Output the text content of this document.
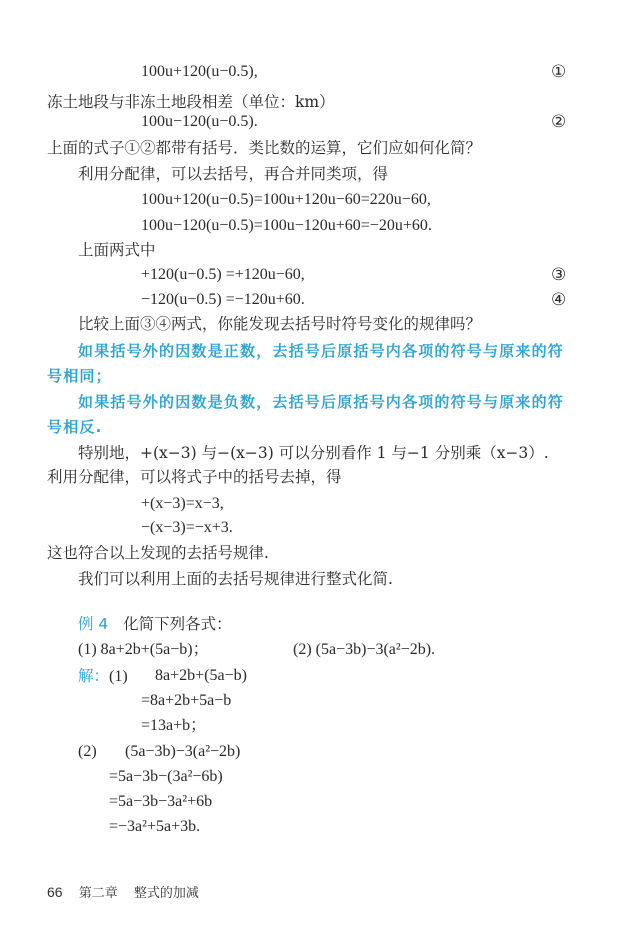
100u+120(u−0.5),	①
冻土地段与非冻土地段相差（单位：km）
100u−120(u−0.5).	②
上面的式子①②都带有括号．类比数的运算，它们应如何化简？
利用分配律，可以去括号，再合并同类项，得
100u+120(u−0.5)=100u+120u−60=220u−60,
100u−120(u−0.5)=100u−120u+60=−20u+60.
上面两式中
+120(u−0.5) =+120u−60,	③
−120(u−0.5) =−120u+60.	④
比较上面③④两式，你能发现去括号时符号变化的规律吗？
如果括号外的因数是正数，去括号后原括号内各项的符号与原来的符
号相同；
如果括号外的因数是负数，去括号后原括号内各项的符号与原来的符
号相反.
特别地，+(x−3) 与−(x−3) 可以分别看作 1 与−1 分别乘（x−3）.
利用分配律，可以将式子中的括号去掉，得
+(x−3)=x−3,
−(x−3)=−x+3.
这也符合以上发现的去括号规律.
我们可以利用上面的去括号规律进行整式化简.
例 4 化简下列各式：
(1) 8a+2b+(5a−b)；	(2) (5a−3b)−3(a²−2b).
解：(1) 8a+2b+(5a−b)
=8a+2b+5a−b
=13a+b；
(2) (5a−3b)−3(a²−2b)
=5a−3b−(3a²−6b)
=5a−3b−3a²+6b
=−3a²+5a+3b.
66 第二章 整式的加减
